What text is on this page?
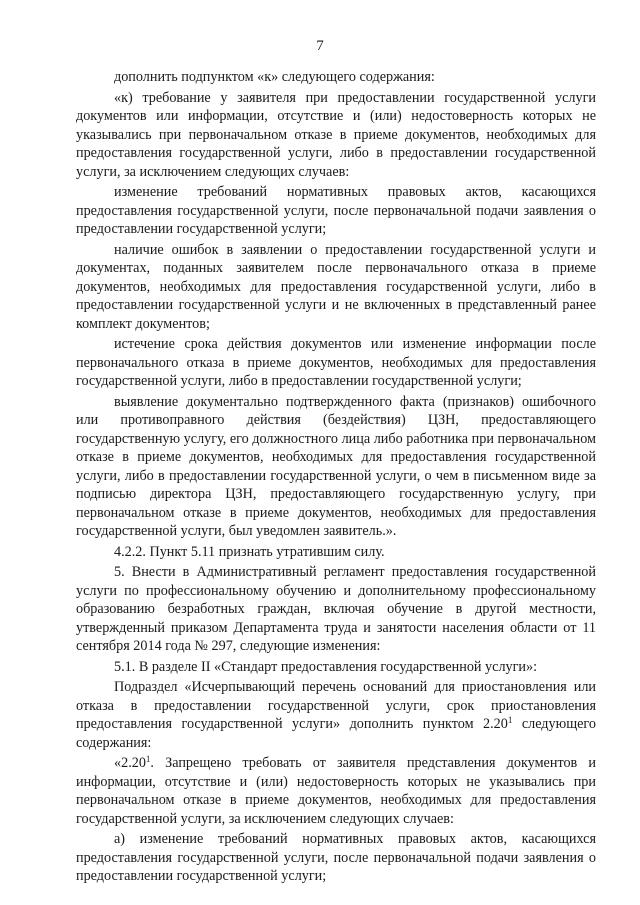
7

дополнить подпунктом «к» следующего содержания:

«к) требование у заявителя при предоставлении государственной услуги документов или информации, отсутствие и (или) недостоверность которых не указывались при первоначальном отказе в приеме документов, необходимых для предоставления государственной услуги, либо в предоставлении государственной услуги, за исключением следующих случаев:

изменение требований нормативных правовых актов, касающихся предоставления государственной услуги, после первоначальной подачи заявления о предоставлении государственной услуги;

наличие ошибок в заявлении о предоставлении государственной услуги и документах, поданных заявителем после первоначального отказа в приеме документов, необходимых для предоставления государственной услуги, либо в предоставлении государственной услуги и не включенных в представленный ранее комплект документов;

истечение срока действия документов или изменение информации после первоначального отказа в приеме документов, необходимых для предоставления государственной услуги, либо в предоставлении государственной услуги;

выявление документально подтвержденного факта (признаков) ошибочного или противоправного действия (бездействия) ЦЗН, предоставляющего государственную услугу, его должностного лица либо работника при первоначальном отказе в приеме документов, необходимых для предоставления государственной услуги, либо в предоставлении государственной услуги, о чем в письменном виде за подписью директора ЦЗН, предоставляющего государственную услугу, при первоначальном отказе в приеме документов, необходимых для предоставления государственной услуги, был уведомлен заявитель.».

4.2.2. Пункт 5.11 признать утратившим силу.

5. Внести в Административный регламент предоставления государственной услуги по профессиональному обучению и дополнительному профессиональному образованию безработных граждан, включая обучение в другой местности, утвержденный приказом Департамента труда и занятости населения области от 11 сентября 2014 года № 297, следующие изменения:

5.1. В разделе II «Стандарт предоставления государственной услуги»:

Подраздел «Исчерпывающий перечень оснований для приостановления или отказа в предоставлении государственной услуги, срок приостановления предоставления государственной услуги» дополнить пунктом 2.20$^1$ следующего содержания:

«2.20$^1$. Запрещено требовать от заявителя представления документов и информации, отсутствие и (или) недостоверность которых не указывались при первоначальном отказе в приеме документов, необходимых для предоставления государственной услуги, за исключением следующих случаев:

а) изменение требований нормативных правовых актов, касающихся предоставления государственной услуги, после первоначальной подачи заявления о предоставлении государственной услуги;
